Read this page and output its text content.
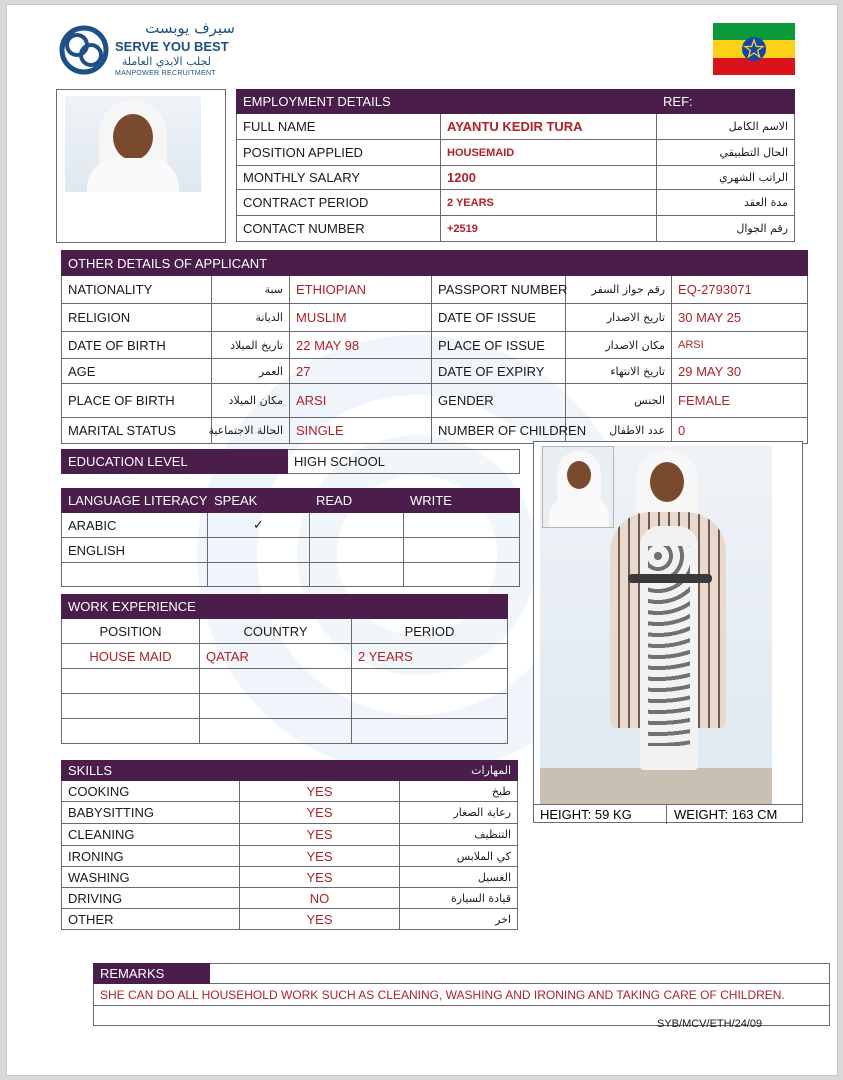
سيرف يوبست
SERVE YOU BEST
لجلب الايدي العاملة
MANPOWER RECRUITMENT
EMPLOYMENT DETAILS		REF:
FULL NAME	AYANTU KEDIR TURA	الاسم الكامل
POSITION APPLIED	HOUSEMAID	الحال التطبيقي
MONTHLY SALARY	1200	الراتب الشهري
CONTRACT PERIOD	2 YEARS	مدة العقد
CONTACT NUMBER	+2519	رقم الجوال
OTHER DETAILS OF APPLICANT					
NATIONALITY	سبة	ETHIOPIAN	PASSPORT NUMBER	رقم جواز السفر	EQ-2793071
RELIGION	الديانة	MUSLIM	DATE OF ISSUE	تاريخ الاصدار	30 MAY 25
DATE OF BIRTH	تاريخ الميلاد	22 MAY 98	PLACE OF ISSUE	مكان الاصدار	ARSI
AGE	العمر	27	DATE OF EXPIRY	تاريخ الانتهاء	29 MAY 30
PLACE OF BIRTH	مكان الميلاد	ARSI	GENDER	الجنس	FEMALE
MARITAL STATUS	الحالة الاجتماعية	SINGLE	NUMBER OF CHILDREN	عدد الاطفال	0
EDUCATION LEVEL	HIGH SCHOOL
LANGUAGE LITERACY	SPEAK	READ	WRITE
ARABIC	✓		
ENGLISH			

WORK EXPERIENCE		
POSITION	COUNTRY	PERIOD
HOUSE MAID	QATAR	2 YEARS

SKILLS	المهارات	
COOKING	YES	طبخ
BABYSITTING	YES	رعاية الصغار
CLEANING	YES	التنظيف
IRONING	YES	كي الملابس
WASHING	YES	الغسيل
DRIVING	NO	قيادة السيارة
OTHER	YES	اخر
HEIGHT: 59 KG	WEIGHT: 163 CM
REMARKS	
SHE CAN DO ALL HOUSEHOLD WORK SUCH AS CLEANING, WASHING AND IRONING AND TAKING CARE OF CHILDREN.

SYB/MCV/ETH/24/09
